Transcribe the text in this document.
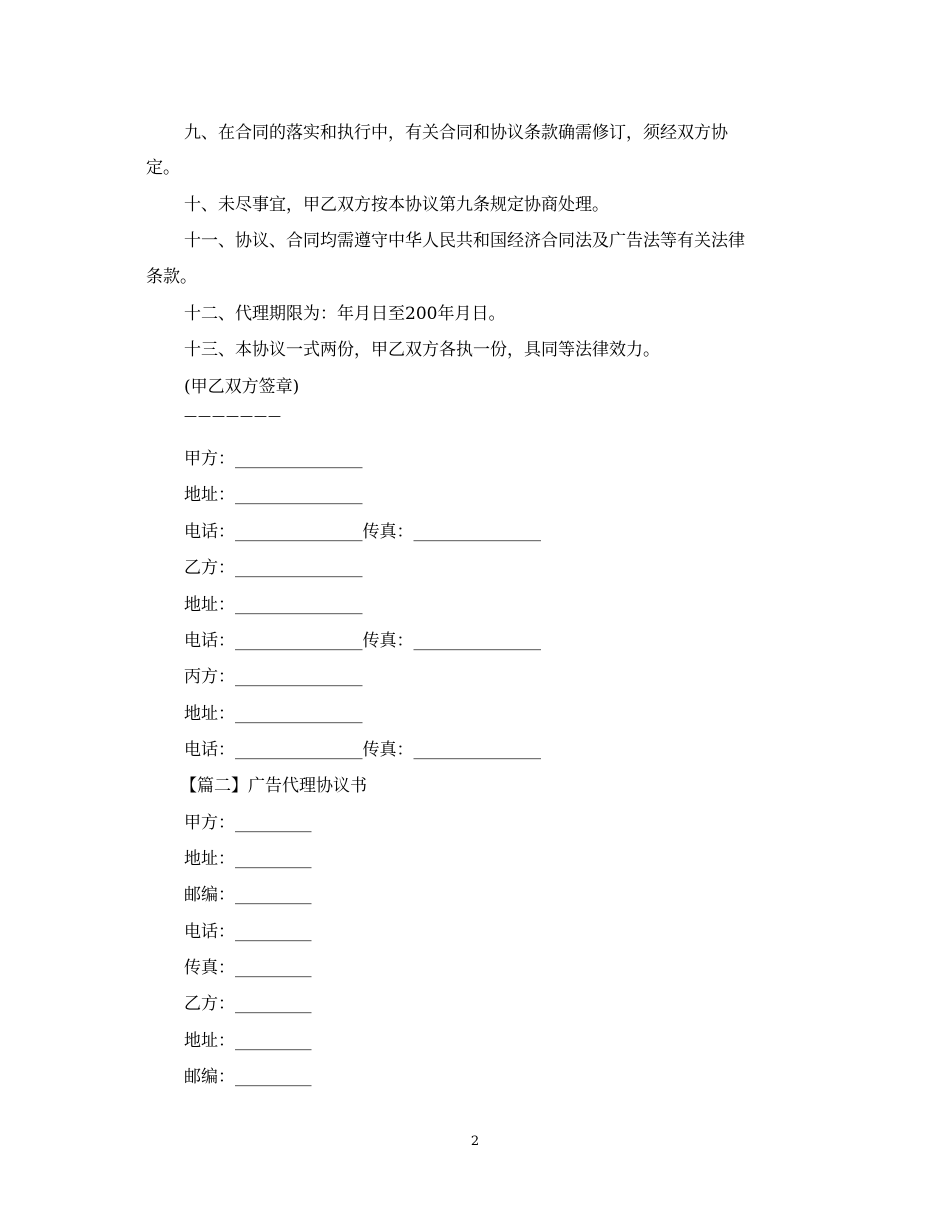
九、在合同的落实和执行中，有关合同和协议条款确需修订，须经双方协
定。
十、未尽事宜，甲乙双方按本协议第九条规定协商处理。
十一、协议、合同均需遵守中华人民共和国经济合同法及广告法等有关法律
条款。
十二、代理期限为：年月日至200年月日。
十三、本协议一式两份，甲乙双方各执一份，具同等法律效力。
(甲乙双方签章)
———————
甲方：_______________
地址：_______________
电话：_______________传真：_______________
乙方：_______________
地址：_______________
电话：_______________传真：_______________
丙方：_______________
地址：_______________
电话：_______________传真：_______________
【篇二】广告代理协议书
甲方：_________
地址：_________
邮编：_________
电话：_________
传真：_________
乙方：_________
地址：_________
邮编：_________
2
